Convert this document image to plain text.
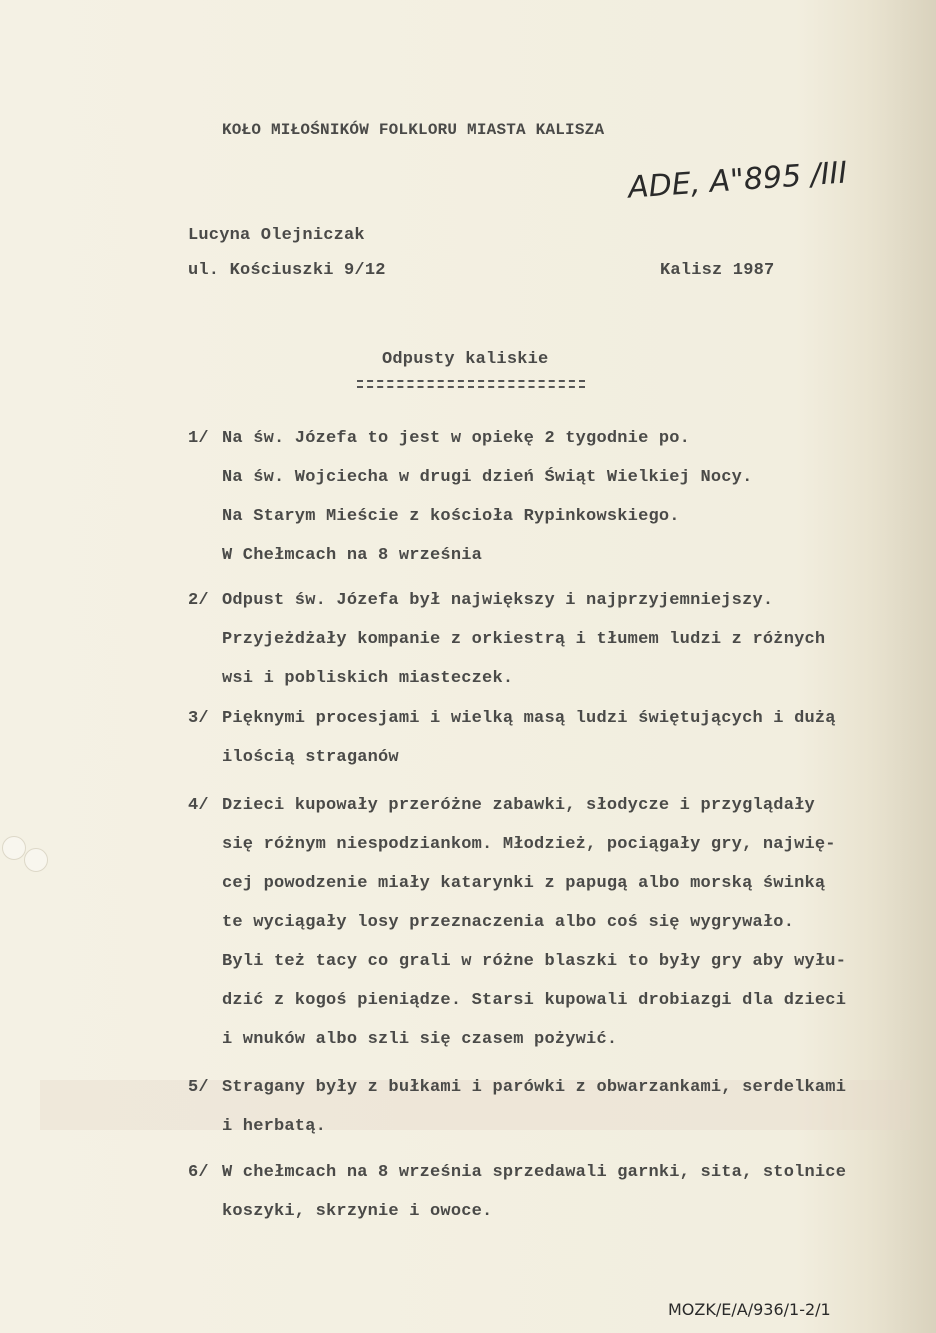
KOŁO MIŁOŚNIKÓW FOLKLORU MIASTA KALISZA
ADE, A"895 /III
Lucyna Olejniczak
ul. Kościuszki 9/12	Kalisz 1987
Odpusty kaliskie
1/ Na św. Józefa to jest w opiekę 2 tygodnie po.
Na św. Wojciecha w drugi dzień Świąt Wielkiej Nocy.
Na Starym Mieście z kościoła Rypinkowskiego.
W Chełmcach na 8 września
2/ Odpust św. Józefa był największy i najprzyjemniejszy.
Przyjeżdżały kompanie z orkiestrą i tłumem ludzi z różnych
wsi i pobliskich miasteczek.
3/ Pięknymi procesjami i wielką masą ludzi świętujących i dużą
ilością straganów
4/ Dzieci kupowały przeróżne zabawki, słodycze i przyglądały
się różnym niespodziankom. Młodzież, pociągały gry, najwię-
cej powodzenie miały katarynki z papugą albo morską świnką
te wyciągały losy przeznaczenia albo coś się wygrywało.
Byli też tacy co grali w różne blaszki to były gry aby wyłu-
dzić z kogoś pieniądze. Starsi kupowali drobiazgi dla dzieci
i wnuków albo szli się czasem pożywić.
5/ Stragany były z bułkami i parówki z obwarzankami, serdelkami
i herbatą.
6/ W chełmcach na 8 września sprzedawali garnki, sita, stolnice
koszyki, skrzynie i owoce.
MOZK/E/A/936/1-2/1
